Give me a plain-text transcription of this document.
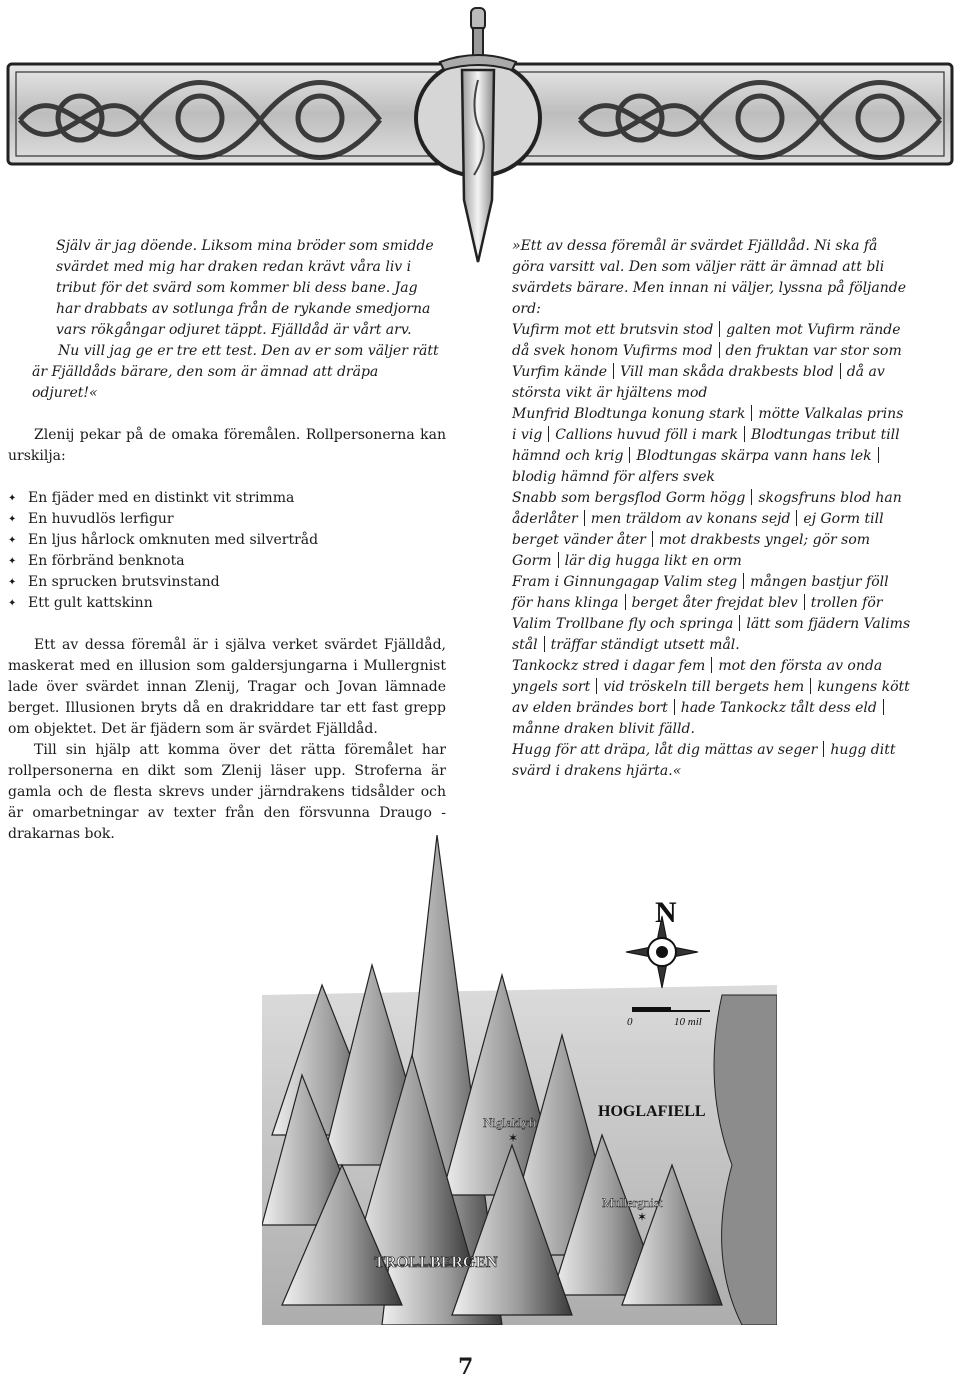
Själv är jag döende. Liksom mina bröder som smidde svärdet med mig har draken redan krävt våra liv i tribut för det svärd som kommer bli dess bane. Jag har drabbats av sotlunga från de rykande smedjorna vars rökgångar odjuret täppt. Fjälldåd är vårt arv.

Nu vill jag ge er tre ett test. Den av er som väljer rätt är Fjälldåds bärare, den som är ämnad att dräpa odjuret!«

Zlenij pekar på de omaka föremålen. Rollpersonerna kan urskilja:

✦ En fjäder med en distinkt vit strimma
✦ En huvudlös lerfigur
✦ En ljus hårlock omknuten med silvertråd
✦ En förbränd benknota
✦ En sprucken brutsvinstand
✦ Ett gult kattskinn

Ett av dessa föremål är i själva verket svärdet Fjälldåd, maskerat med en illusion som galdersjungarna i Mullergnist lade över svärdet innan Zlenij, Tragar och Jovan lämnade berget. Illusionen bryts då en drakriddare tar ett fast grepp om objektet. Det är fjädern som är svärdet Fjälldåd.

Till sin hjälp att komma över det rätta föremålet har rollpersonerna en dikt som Zlenij läser upp. Stroferna är gamla och de flesta skrevs under järndrakens tidsålder och är omarbetningar av texter från den försvunna Draugo - drakarnas bok.

»Ett av dessa föremål är svärdet Fjälldåd. Ni ska få göra varsitt val. Den som väljer rätt är ämnad att bli svärdets bärare. Men innan ni väljer, lyssna på följande ord:

Vufirm mot ett brutsvin stod galten mot Vufirm rände då svek honom Vufirms mod den fruktan var stor som Vurfim kände Vill man skåda drakbests blod då av största vikt är hjältens mod

Munfrid Blodtunga konung stark mötte Valkalas prins i vig Callions huvud föll i mark Blodtungas tribut till hämnd och krig Blodtungas skärpa vann hans lekblodig hämnd för alfers svek

Snabb som bergsflod Gorm högg skogsfruns blod han åderlåter men träldom av konans sejd ej Gorm till berget vänder åter mot drakbests yngel; gör som Gorm lär dig hugga likt en orm

Fram i Ginnungagap Valim steg mången bastjur föll för hans klinga berget åter frejdat blev trollen för Valim Trollbane fly och springa lätt som fjädern Valims stål träffar ständigt utsett mål.

Tankockz stred i dagar fem mot den första av onda yngels sort vid tröskeln till bergets hem kungens kött av elden brändes bort hade Tankockz tålt dess eldmånne draken blivit fälld.

Hugg för att dräpa, låt dig mättas av seger hugg ditt svärd i drakens hjärta.«

N
0	10 mil
HOGLAFIELL
Niglaklyft
✶
Mullergnist
✶
TROLLBERGEN
7
